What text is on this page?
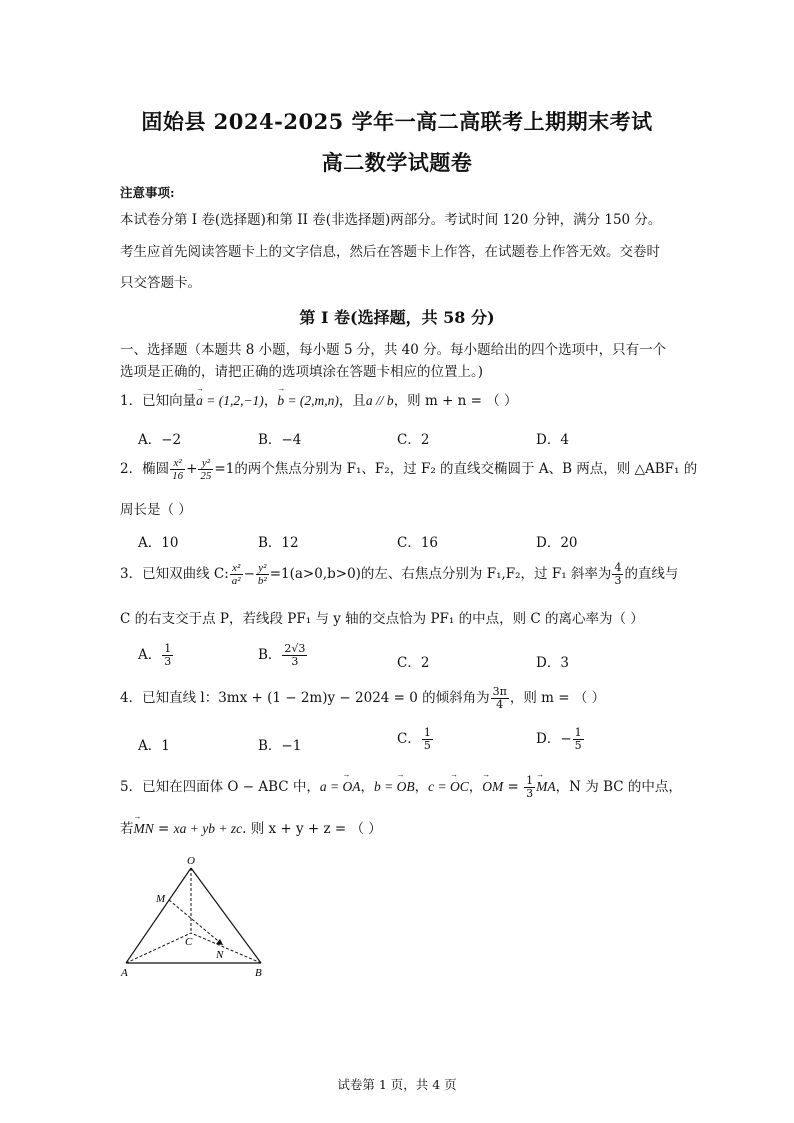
固始县 2024-2025 学年一高二高联考上期期末考试
高二数学试题卷
注意事项:
本试卷分第 I 卷(选择题)和第 II 卷(非选择题)两部分。考试时间 120 分钟，满分 150 分。
考生应首先阅读答题卡上的文字信息，然后在答题卡上作答，在试题卷上作答无效。交卷时
只交答题卡。
第 I 卷(选择题，共 58 分)
一、选择题（本题共 8 小题，每小题 5 分，共 40 分。每小题给出的四个选项中，只有一个
选项是正确的，请把正确的选项填涂在答题卡相应的位置上。)
1．已知向量→ a = (1,2,−1)，→ b = (2,m,n)，且a // b，则 m + n = （ ）
A．−2	B．−4	C．2	D．4
2．椭圆 $\frac{\text{x²}}{16} + \frac{\text{y²}}{25} =1$的两个焦点分别为 F₁、F₂，过 F₂ 的直线交椭圆于 A、B 两点，则 △ABF₁ 的
周长是（ ）
A．10	B．12	C．16	D．20
3．已知双曲线 C: $\frac{\text{x²}}{\text{a²}} - \frac{\text{y²}}{\text{b²}} =1(a>0,b>0)$的左、右焦点分别为 F₁,F₂，过 F₁ 斜率为 $\frac{4}{3}$ 的直线与
C 的右支交于点 P，若线段 PF₁ 与 y 轴的交点恰为 PF₁ 的中点，则 C 的离心率为（ ）
A． $\frac{1}{3}$	B． $\frac{2√3}{3}$	C．2	D．3
4．已知直线 l：3mx + (1 − 2m)y − 2024 = 0 的倾斜角为 $\frac{3\pi}{4}$ ，则 m = （ ）
A．1	B．−1	C． $\frac{1}{5}$	D．− $\frac{1}{5}$
5．已知在四面体 O − ABC 中，a = → OA，b = → OB，c = → OC，→ OM = $\frac{1}{3}$
→ MA，N 为 BC 的中点，
若→ MN = xa + yb + zc. 则 x + y + z = （ ）
O
M
C
N
A	B
试卷第 1 页，共 4 页
